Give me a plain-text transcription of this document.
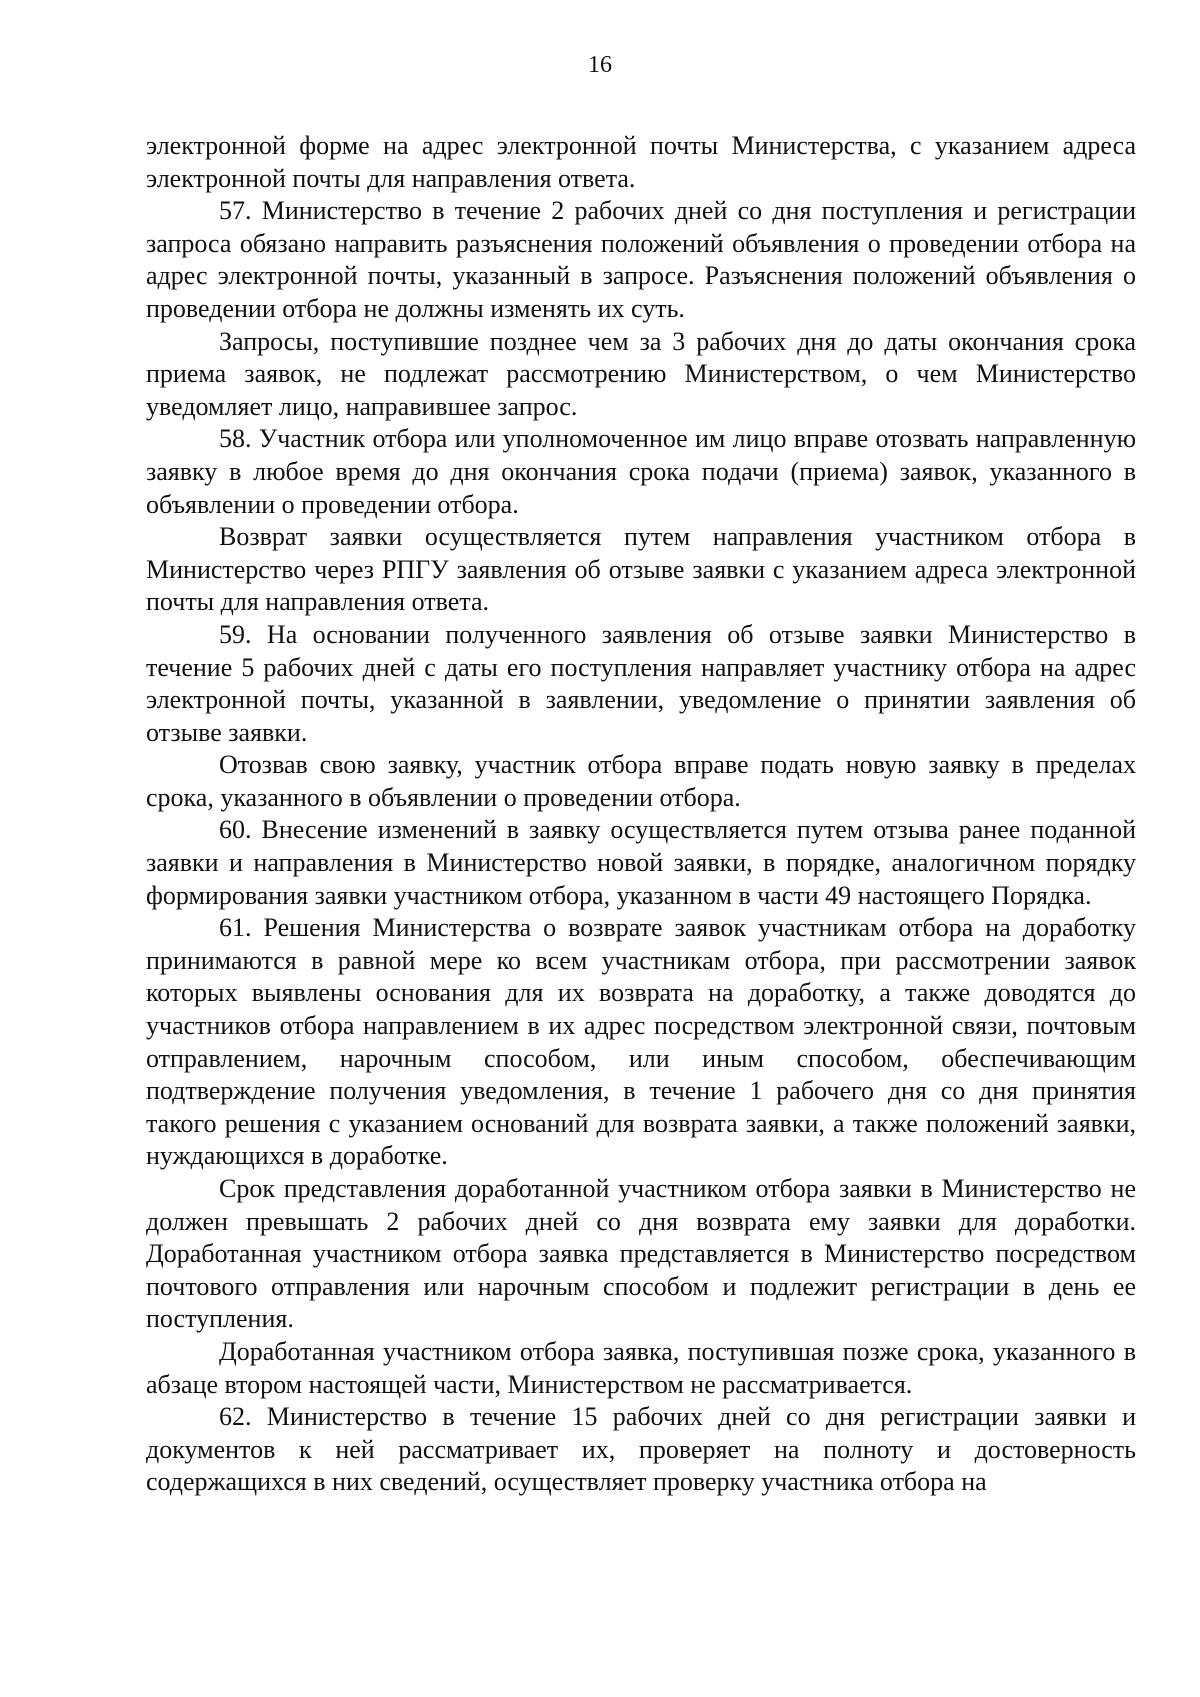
16

электронной форме на адрес электронной почты Министерства, с указанием адреса электронной почты для направления ответа.

57. Министерство в течение 2 рабочих дней со дня поступления и регистрации запроса обязано направить разъяснения положений объявления о проведении отбора на адрес электронной почты, указанный в запросе. Разъяснения положений объявления о проведении отбора не должны изменять их суть.

Запросы, поступившие позднее чем за 3 рабочих дня до даты окончания срока приема заявок, не подлежат рассмотрению Министерством, о чем Министерство уведомляет лицо, направившее запрос.

58. Участник отбора или уполномоченное им лицо вправе отозвать направленную заявку в любое время до дня окончания срока подачи (приема) заявок, указанного в объявлении о проведении отбора.

Возврат заявки осуществляется путем направления участником отбора в Министерство через РПГУ заявления об отзыве заявки с указанием адреса электронной почты для направления ответа.

59. На основании полученного заявления об отзыве заявки Министерство в течение 5 рабочих дней с даты его поступления направляет участнику отбора на адрес электронной почты, указанной в заявлении, уведомление о принятии заявления об отзыве заявки.

Отозвав свою заявку, участник отбора вправе подать новую заявку в пределах срока, указанного в объявлении о проведении отбора.

60. Внесение изменений в заявку осуществляется путем отзыва ранее поданной заявки и направления в Министерство новой заявки, в порядке, аналогичном порядку формирования заявки участником отбора, указанном в части 49 настоящего Порядка.

61. Решения Министерства о возврате заявок участникам отбора на доработку принимаются в равной мере ко всем участникам отбора, при рассмотрении заявок которых выявлены основания для их возврата на доработку, а также доводятся до участников отбора направлением в их адрес посредством электронной связи, почтовым отправлением, нарочным способом, или иным способом, обеспечивающим подтверждение получения уведомления, в течение 1 рабочего дня со дня принятия такого решения с указанием оснований для возврата заявки, а также положений заявки, нуждающихся в доработке.

Срок представления доработанной участником отбора заявки в Министерство не должен превышать 2 рабочих дней со дня возврата ему заявки для доработки. Доработанная участником отбора заявка представляется в Министерство посредством почтового отправления или нарочным способом и подлежит регистрации в день ее поступления.

Доработанная участником отбора заявка, поступившая позже срока, указанного в абзаце втором настоящей части, Министерством не рассматривается.

62. Министерство в течение 15 рабочих дней со дня регистрации заявки и документов к ней рассматривает их, проверяет на полноту и достоверность содержащихся в них сведений, осуществляет проверку участника отбора на
